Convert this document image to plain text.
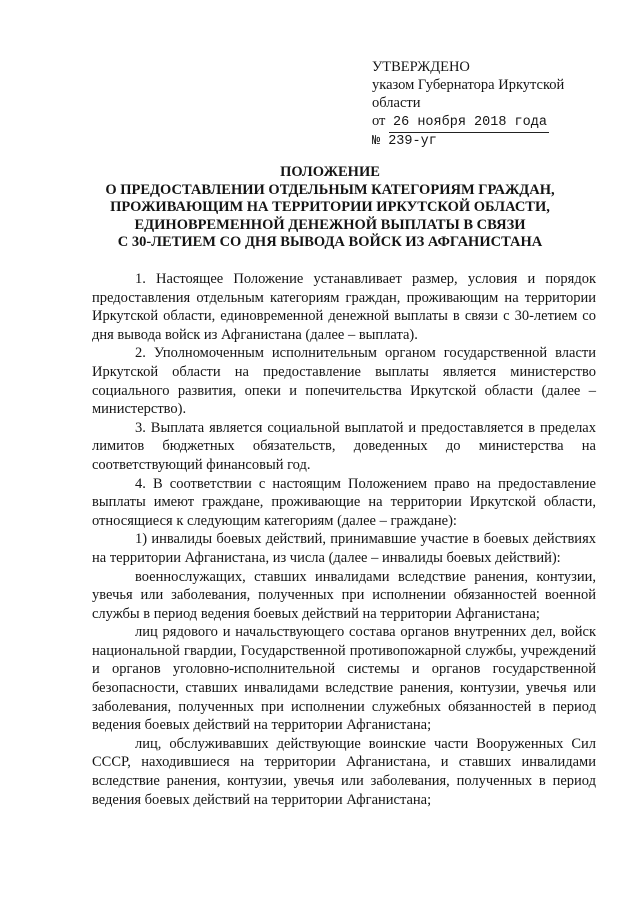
УТВЕРЖДЕНО
указом Губернатора Иркутской
области
от 26 ноября 2018 года
№ 239-уг
ПОЛОЖЕНИЕ
О ПРЕДОСТАВЛЕНИИ ОТДЕЛЬНЫМ КАТЕГОРИЯМ ГРАЖДАН,
ПРОЖИВАЮЩИМ НА ТЕРРИТОРИИ ИРКУТСКОЙ ОБЛАСТИ,
ЕДИНОВРЕМЕННОЙ ДЕНЕЖНОЙ ВЫПЛАТЫ В СВЯЗИ
С 30-ЛЕТИЕМ СО ДНЯ ВЫВОДА ВОЙСК ИЗ АФГАНИСТАНА

1. Настоящее Положение устанавливает размер, условия и порядок предоставления отдельным категориям граждан, проживающим на территории Иркутской области, единовременной денежной выплаты в связи с 30-летием со дня вывода войск из Афганистана (далее – выплата).

2. Уполномоченным исполнительным органом государственной власти Иркутской области на предоставление выплаты является министерство социального развития, опеки и попечительства Иркутской области (далее – министерство).

3. Выплата является социальной выплатой и предоставляется в пределах лимитов бюджетных обязательств, доведенных до министерства на соответствующий финансовый год.

4. В соответствии с настоящим Положением право на предоставление выплаты имеют граждане, проживающие на территории Иркутской области, относящиеся к следующим категориям (далее – граждане):

1) инвалиды боевых действий, принимавшие участие в боевых действиях на территории Афганистана, из числа (далее – инвалиды боевых действий):

военнослужащих, ставших инвалидами вследствие ранения, контузии, увечья или заболевания, полученных при исполнении обязанностей военной службы в период ведения боевых действий на территории Афганистана;

лиц рядового и начальствующего состава органов внутренних дел, войск национальной гвардии, Государственной противопожарной службы, учреждений и органов уголовно-исполнительной системы и органов государственной безопасности, ставших инвалидами вследствие ранения, контузии, увечья или заболевания, полученных при исполнении служебных обязанностей в период ведения боевых действий на территории Афганистана;

лиц, обслуживавших действующие воинские части Вооруженных Сил СССР, находившиеся на территории Афганистана, и ставших инвалидами вследствие ранения, контузии, увечья или заболевания, полученных в период ведения боевых действий на территории Афганистана;
